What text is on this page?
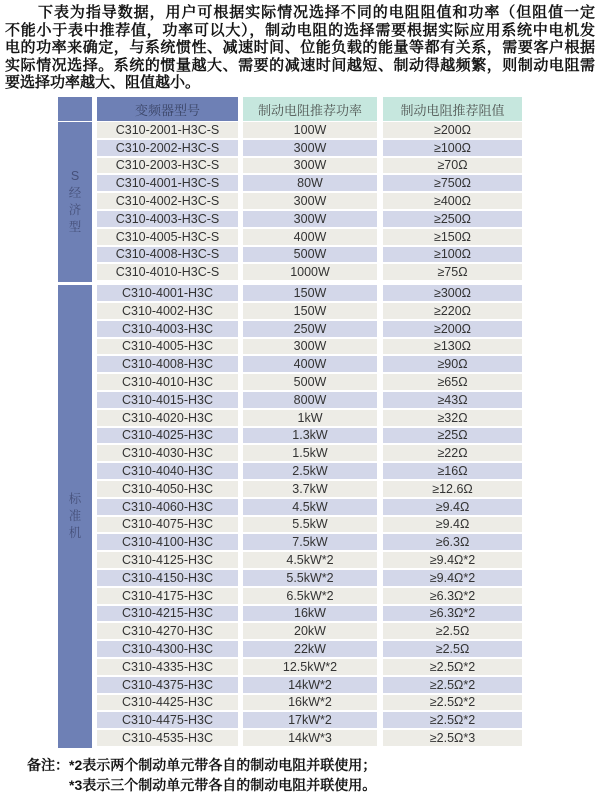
下表为指导数据，用户可根据实际情况选择不同的电阻阻值和功率（但阻值一定
不能小于表中推荐值，功率可以大），制动电阻的选择需要根据实际应用系统中电机发
电的功率来确定，与系统惯性、减速时间、位能负载的能量等都有关系，需要客户根据
实际情况选择。系统的惯量越大、需要的减速时间越短、制动得越频繁，则制动电阻需
要选择功率越大、阻值越小。
变频器型号	制动电阻推荐功率	制动电阻推荐阻值
S
经
济
型
C310-2001-H3C-S	100W	≥200Ω
C310-2002-H3C-S	300W	≥100Ω
C310-2003-H3C-S	300W	≥70Ω
C310-4001-H3C-S	80W	≥750Ω
C310-4002-H3C-S	300W	≥400Ω
C310-4003-H3C-S	300W	≥250Ω
C310-4005-H3C-S	400W	≥150Ω
C310-4008-H3C-S	500W	≥100Ω
C310-4010-H3C-S	1000W	≥75Ω
标
准
机
C310-4001-H3C	150W	≥300Ω
C310-4002-H3C	150W	≥220Ω
C310-4003-H3C	250W	≥200Ω
C310-4005-H3C	300W	≥130Ω
C310-4008-H3C	400W	≥90Ω
C310-4010-H3C	500W	≥65Ω
C310-4015-H3C	800W	≥43Ω
C310-4020-H3C	1kW	≥32Ω
C310-4025-H3C	1.3kW	≥25Ω
C310-4030-H3C	1.5kW	≥22Ω
C310-4040-H3C	2.5kW	≥16Ω
C310-4050-H3C	3.7kW	≥12.6Ω
C310-4060-H3C	4.5kW	≥9.4Ω
C310-4075-H3C	5.5kW	≥9.4Ω
C310-4100-H3C	7.5kW	≥6.3Ω
C310-4125-H3C	4.5kW*2	≥9.4Ω*2
C310-4150-H3C	5.5kW*2	≥9.4Ω*2
C310-4175-H3C	6.5kW*2	≥6.3Ω*2
C310-4215-H3C	16kW	≥6.3Ω*2
C310-4270-H3C	20kW	≥2.5Ω
C310-4300-H3C	22kW	≥2.5Ω
C310-4335-H3C	12.5kW*2	≥2.5Ω*2
C310-4375-H3C	14kW*2	≥2.5Ω*2
C310-4425-H3C	16kW*2	≥2.5Ω*2
C310-4475-H3C	17kW*2	≥2.5Ω*2
C310-4535-H3C	14kW*3	≥2.5Ω*3
备注： *2表示两个制动单元带各自的制动电阻并联使用；
*3表示三个制动单元带各自的制动电阻并联使用。
